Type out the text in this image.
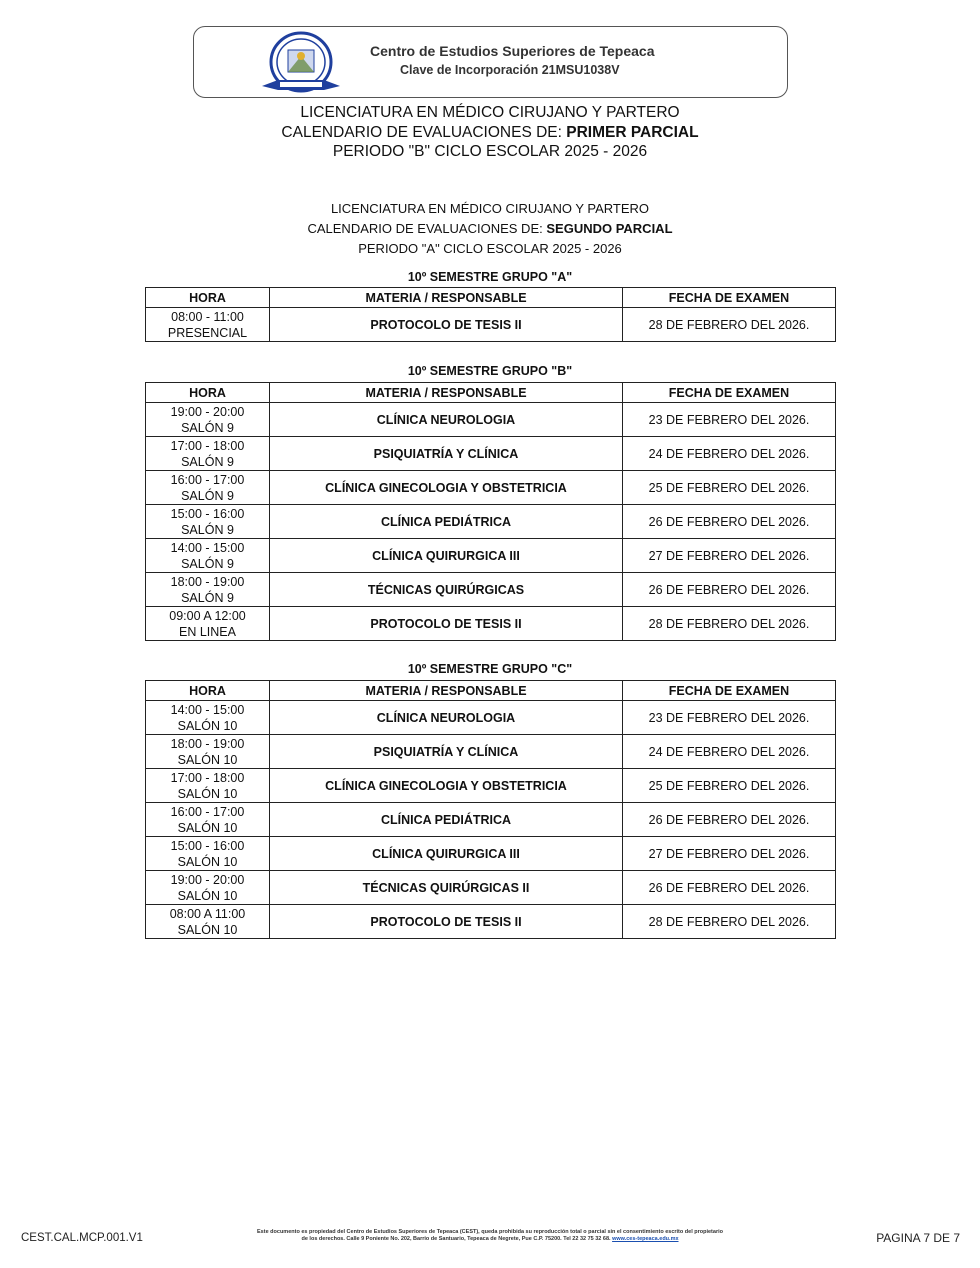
Centro de Estudios Superiores de Tepeaca
Clave de Incorporación 21MSU1038V
LICENCIATURA EN MÉDICO CIRUJANO Y PARTERO
CALENDARIO DE EVALUACIONES DE: PRIMER PARCIAL
PERIODO "B" CICLO ESCOLAR 2025 - 2026
LICENCIATURA EN MÉDICO CIRUJANO Y PARTERO
CALENDARIO DE EVALUACIONES DE: SEGUNDO PARCIAL
PERIODO "A" CICLO ESCOLAR 2025 - 2026
10º SEMESTRE GRUPO "A"
HORA	MATERIA / RESPONSABLE	FECHA DE EXAMEN
08:00 - 11:00
PRESENCIAL	PROTOCOLO DE TESIS II	28 DE FEBRERO DEL 2026.
10º SEMESTRE GRUPO "B"
HORA	MATERIA / RESPONSABLE	FECHA DE EXAMEN
19:00 - 20:00
SALÓN 9	CLÍNICA NEUROLOGIA	23 DE FEBRERO DEL 2026.
17:00 - 18:00
SALÓN 9	PSIQUIATRÍA Y CLÍNICA	24 DE FEBRERO DEL 2026.
16:00 - 17:00
SALÓN 9	CLÍNICA GINECOLOGIA Y OBSTETRICIA	25 DE FEBRERO DEL 2026.
15:00 - 16:00
SALÓN 9	CLÍNICA PEDIÁTRICA	26 DE FEBRERO DEL 2026.
14:00 - 15:00
SALÓN 9	CLÍNICA QUIRURGICA III	27 DE FEBRERO DEL 2026.
18:00 - 19:00
SALÓN 9	TÉCNICAS QUIRÚRGICAS	26 DE FEBRERO DEL 2026.
09:00 A 12:00
EN LINEA	PROTOCOLO DE TESIS II	28 DE FEBRERO DEL 2026.
10º SEMESTRE GRUPO "C"
HORA	MATERIA / RESPONSABLE	FECHA DE EXAMEN
14:00 - 15:00
SALÓN 10	CLÍNICA NEUROLOGIA	23 DE FEBRERO DEL 2026.
18:00 - 19:00
SALÓN 10	PSIQUIATRÍA Y CLÍNICA	24 DE FEBRERO DEL 2026.
17:00 - 18:00
SALÓN 10	CLÍNICA GINECOLOGIA Y OBSTETRICIA	25 DE FEBRERO DEL 2026.
16:00 - 17:00
SALÓN 10	CLÍNICA PEDIÁTRICA	26 DE FEBRERO DEL 2026.
15:00 - 16:00
SALÓN 10	CLÍNICA QUIRURGICA III	27 DE FEBRERO DEL 2026.
19:00 - 20:00
SALÓN 10	TÉCNICAS QUIRÚRGICAS II	26 DE FEBRERO DEL 2026.
08:00 A 11:00
SALÓN 10	PROTOCOLO DE TESIS II	28 DE FEBRERO DEL 2026.
CEST.CAL.MCP.001.V1	Este documento es propiedad del Centro de Estudios Superiores de Tepeaca (CEST), queda prohibida su reproducción total o parcial sin el consentimiento escrito del propietario
de los derechos. Calle 9 Poniente No. 202, Barrio de Santuario, Tepeaca de Negrete, Pue C.P. 75200. Tel 22 32 75 32 68. www.ces-tepeaca.edu.mx	PAGINA 7 DE 7
